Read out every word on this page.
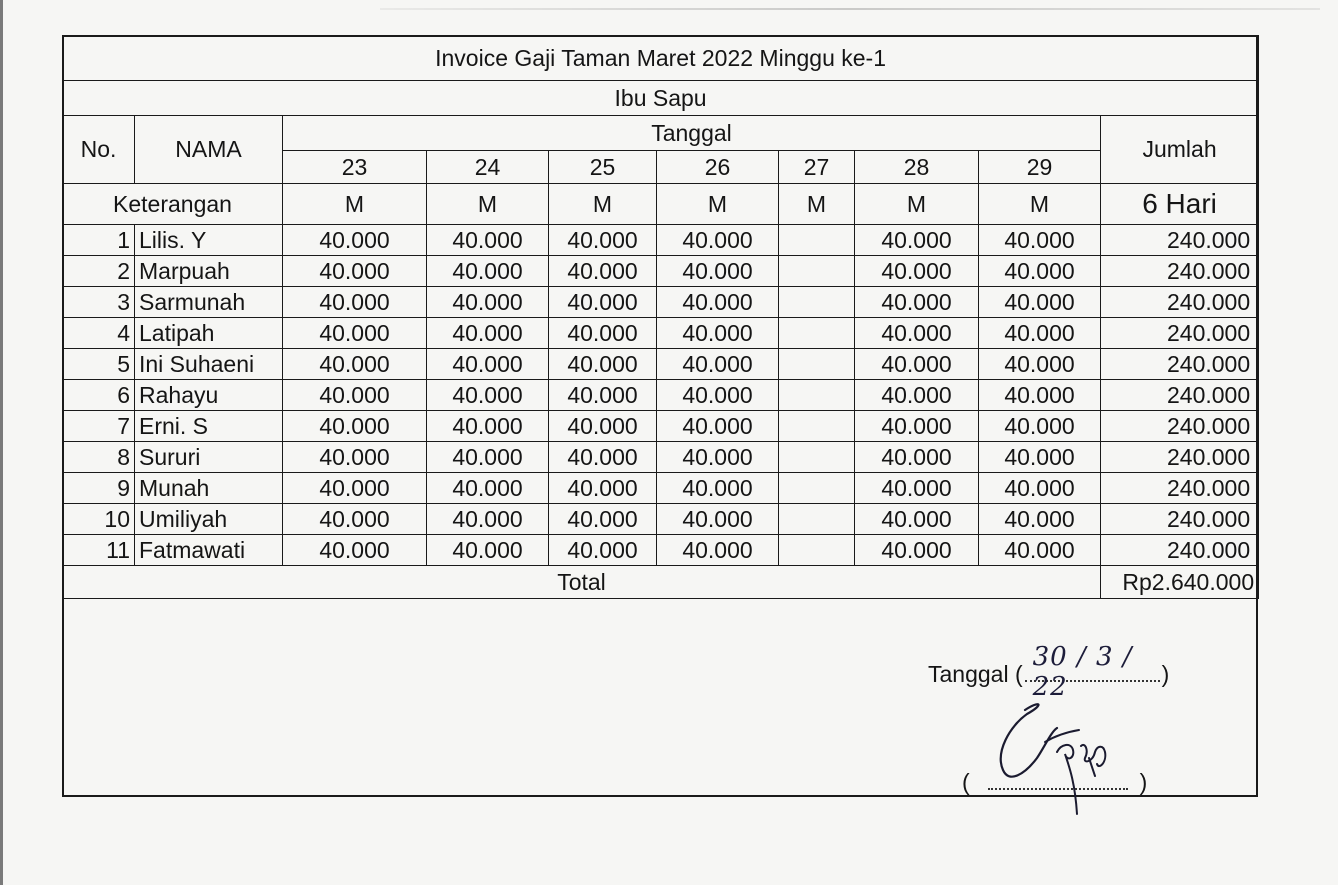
Invoice Gaji Taman Maret 2022 Minggu ke-1									
Ibu Sapu									
No.	NAMA	Tanggal							Jumlah
		23	24	25	26	27	28	29	
Keterangan		M	M	M	M	M	M	M	6 Hari
1	Lilis. Y	40.000	40.000	40.000	40.000		40.000	40.000	240.000
2	Marpuah	40.000	40.000	40.000	40.000		40.000	40.000	240.000
3	Sarmunah	40.000	40.000	40.000	40.000		40.000	40.000	240.000
4	Latipah	40.000	40.000	40.000	40.000		40.000	40.000	240.000
5	Ini Suhaeni	40.000	40.000	40.000	40.000		40.000	40.000	240.000
6	Rahayu	40.000	40.000	40.000	40.000		40.000	40.000	240.000
7	Erni. S	40.000	40.000	40.000	40.000		40.000	40.000	240.000
8	Sururi	40.000	40.000	40.000	40.000		40.000	40.000	240.000
9	Munah	40.000	40.000	40.000	40.000		40.000	40.000	240.000
10	Umiliyah	40.000	40.000	40.000	40.000		40.000	40.000	240.000
11	Fatmawati	40.000	40.000	40.000	40.000		40.000	40.000	240.000
Total									Rp2.640.000
Tanggal (
30 / 3 / 22	)
(	)
